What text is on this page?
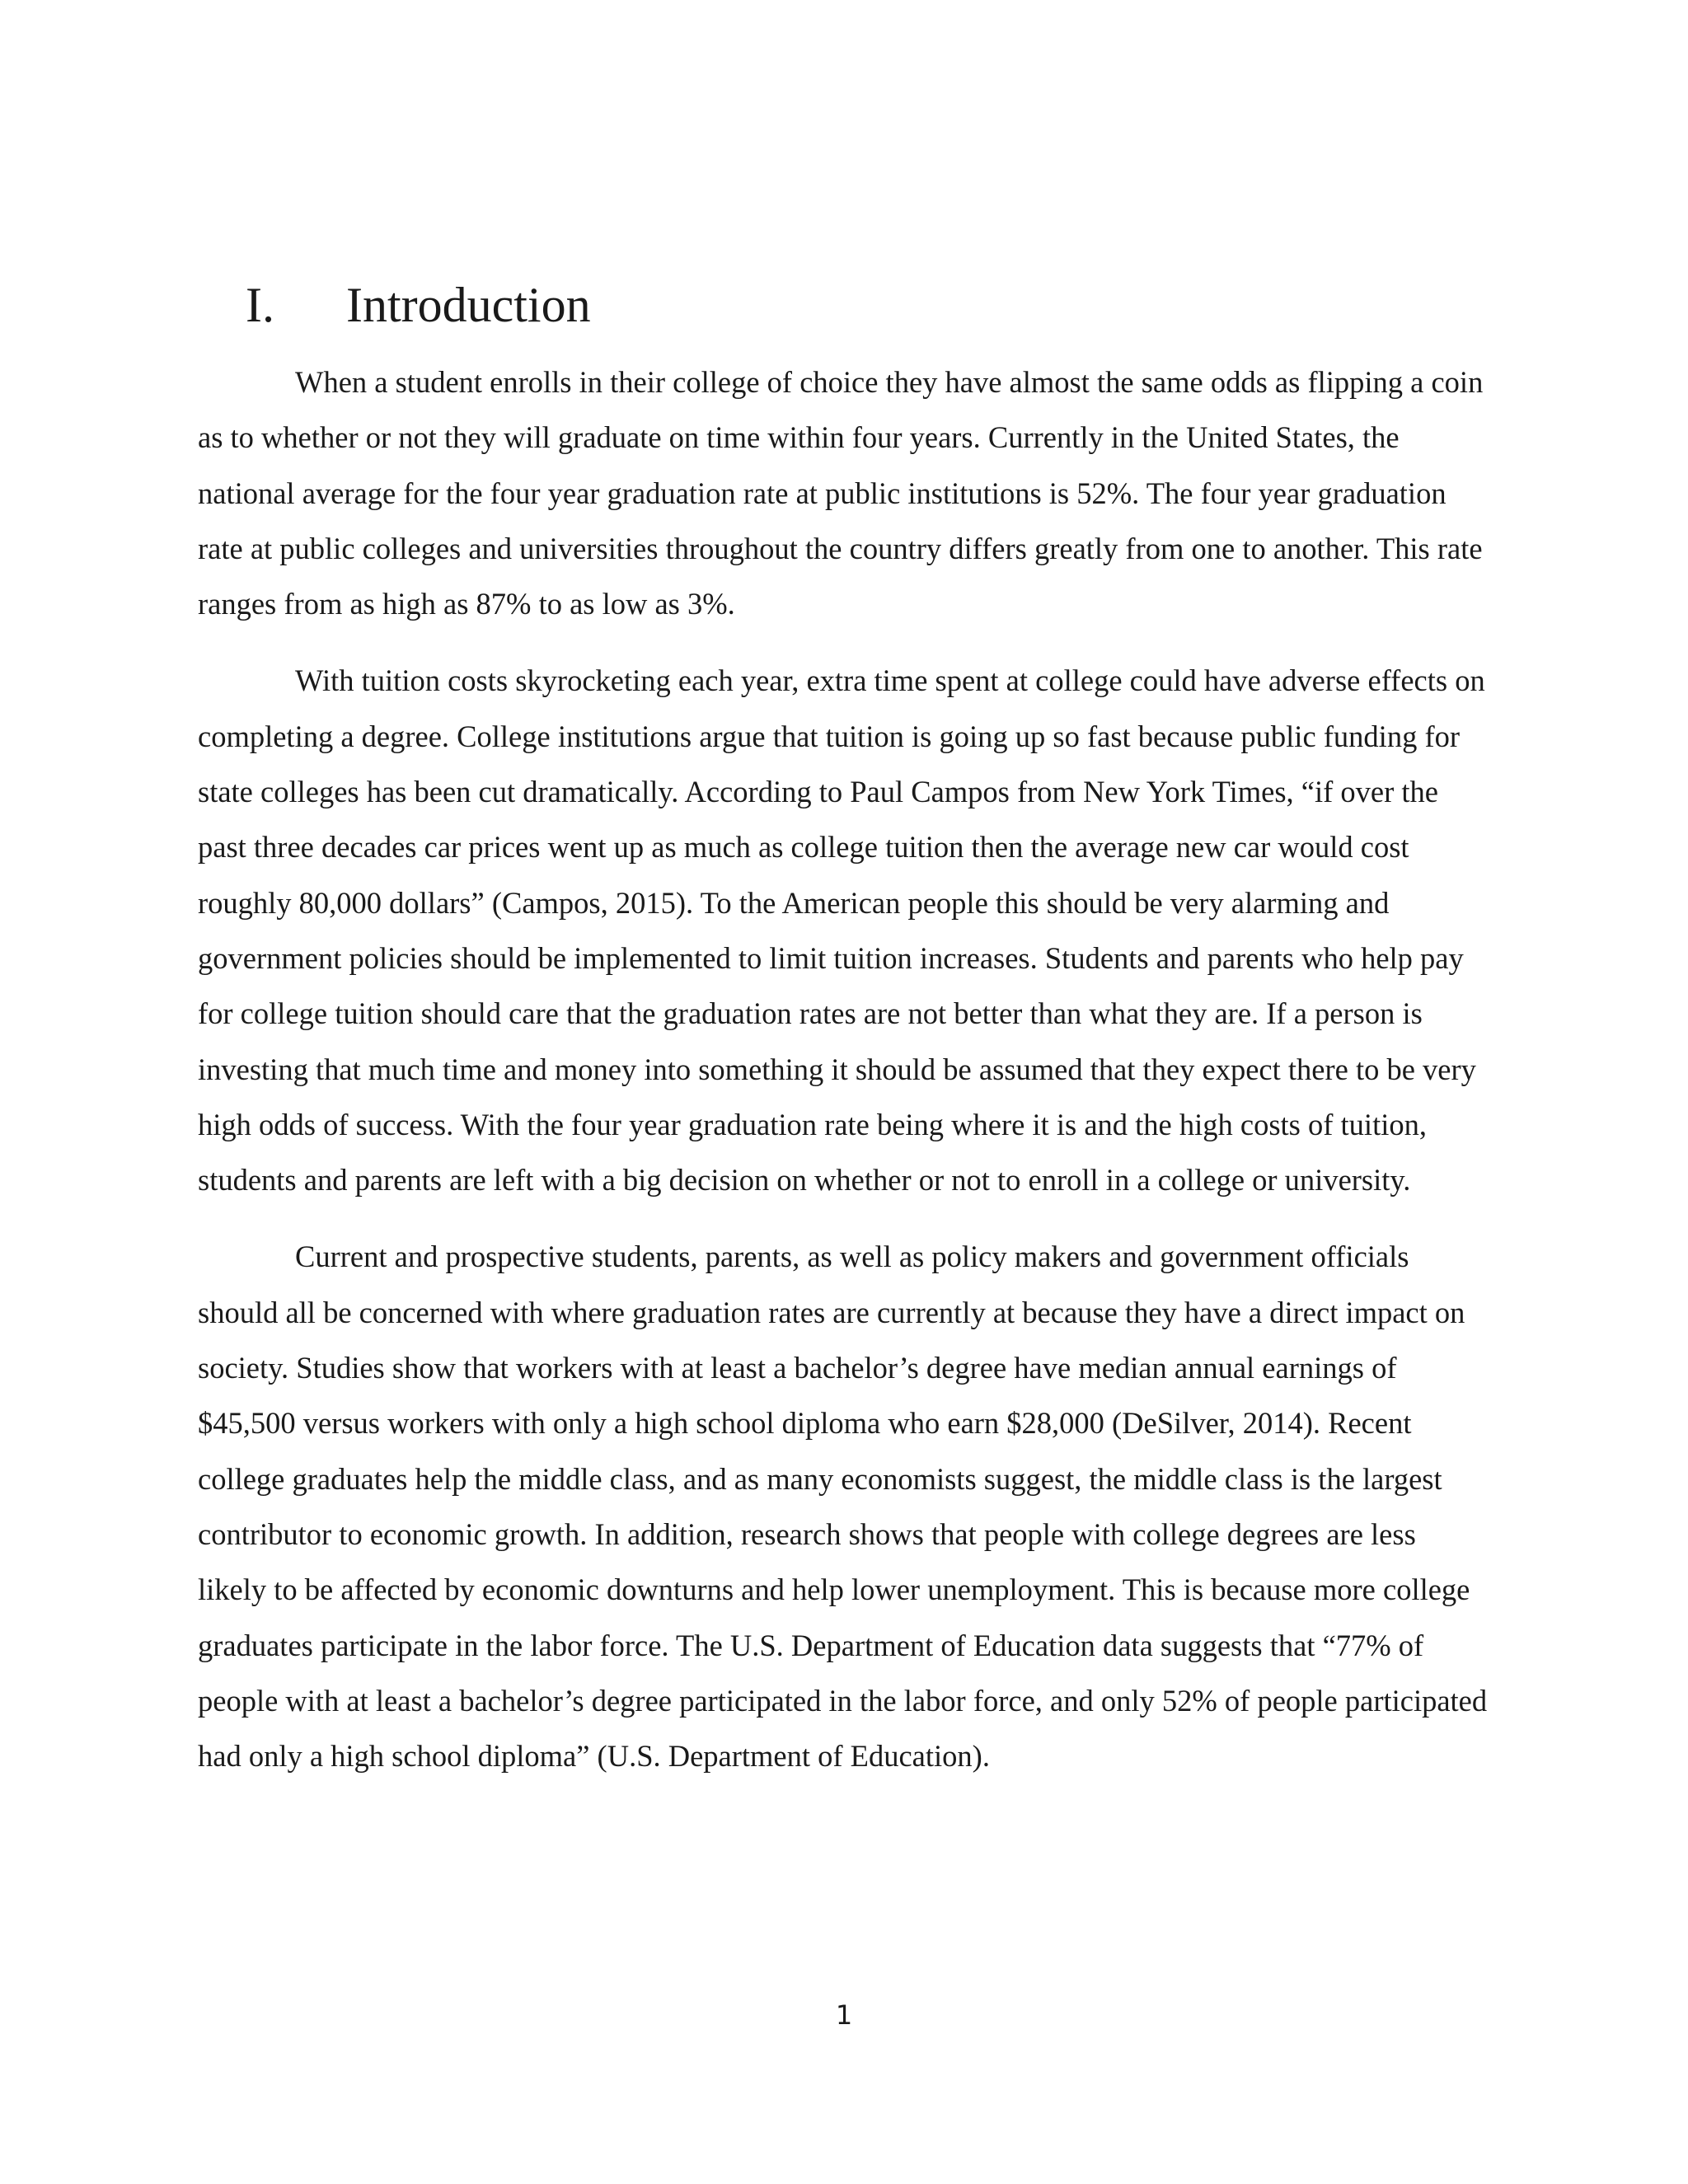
I. Introduction

When a student enrolls in their college of choice they have almost the same odds as flipping a coin as to whether or not they will graduate on time within four years. Currently in the United States, the national average for the four year graduation rate at public institutions is 52%. The four year graduation rate at public colleges and universities throughout the country differs greatly from one to another. This rate ranges from as high as 87% to as low as 3%.

With tuition costs skyrocketing each year, extra time spent at college could have adverse effects on completing a degree. College institutions argue that tuition is going up so fast because public funding for state colleges has been cut dramatically. According to Paul Campos from New York Times, “if over the past three decades car prices went up as much as college tuition then the average new car would cost roughly 80,000 dollars” (Campos, 2015). To the American people this should be very alarming and government policies should be implemented to limit tuition increases. Students and parents who help pay for college tuition should care that the graduation rates are not better than what they are. If a person is investing that much time and money into something it should be assumed that they expect there to be very high odds of success. With the four year graduation rate being where it is and the high costs of tuition, students and parents are left with a big decision on whether or not to enroll in a college or university.

Current and prospective students, parents, as well as policy makers and government officials should all be concerned with where graduation rates are currently at because they have a direct impact on society. Studies show that workers with at least a bachelor’s degree have median annual earnings of $45,500 versus workers with only a high school diploma who earn $28,000 (DeSilver, 2014). Recent college graduates help the middle class, and as many economists suggest, the middle class is the largest contributor to economic growth. In addition, research shows that people with college degrees are less likely to be affected by economic downturns and help lower unemployment. This is because more college graduates participate in the labor force. The U.S. Department of Education data suggests that “77% of people with at least a bachelor’s degree participated in the labor force, and only 52% of people participated had only a high school diploma” (U.S. Department of Education).

1
